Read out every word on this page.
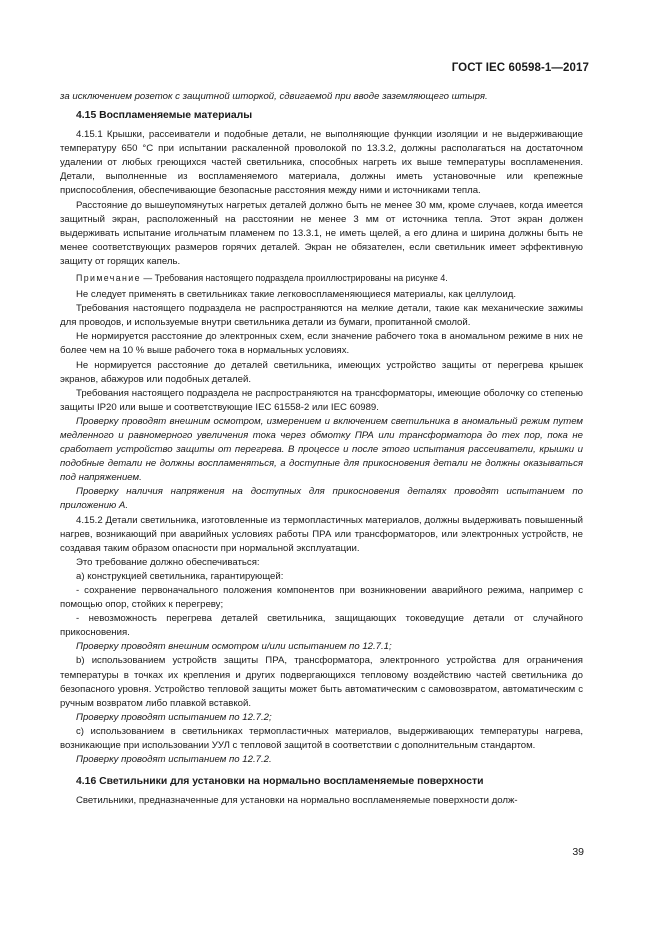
ГОСТ IEC 60598-1—2017

за исключением розеток с защитной шторкой, сдвигаемой при вводе заземляющего штыря.

4.15 Воспламеняемые материалы

4.15.1 Крышки, рассеиватели и подобные детали, не выполняющие функции изоляции и не выдерживающие температуру 650 °С при испытании раскаленной проволокой по 13.3.2, должны располагаться на достаточном удалении от любых греющихся частей светильника, способных нагреть их выше температуры воспламенения. Детали, выполненные из воспламеняемого материала, должны иметь установочные или крепежные приспособления, обеспечивающие безопасные расстояния между ними и источниками тепла.

Расстояние до вышеупомянутых нагретых деталей должно быть не менее 30 мм, кроме случаев, когда имеется защитный экран, расположенный на расстоянии не менее 3 мм от источника тепла. Этот экран должен выдерживать испытание игольчатым пламенем по 13.3.1, не иметь щелей, а его длина и ширина должны быть не менее соответствующих размеров горячих деталей. Экран не обязателен, если светильник имеет эффективную защиту от горящих капель.

Примечание — Требования настоящего подраздела проиллюстрированы на рисунке 4.

Не следует применять в светильниках такие легковоспламеняющиеся материалы, как целлулоид.

Требования настоящего подраздела не распространяются на мелкие детали, такие как механические зажимы для проводов, и используемые внутри светильника детали из бумаги, пропитанной смолой.

Не нормируется расстояние до электронных схем, если значение рабочего тока в аномальном режиме в них не более чем на 10 % выше рабочего тока в нормальных условиях.

Не нормируется расстояние до деталей светильника, имеющих устройство защиты от перегрева крышек экранов, абажуров или подобных деталей.

Требования настоящего подраздела не распространяются на трансформаторы, имеющие оболочку со степенью защиты IP20 или выше и соответствующие IEC 61558-2 или IEC 60989.

Проверку проводят внешним осмотром, измерением и включением светильника в аномальный режим путем медленного и равномерного увеличения тока через обмотку ПРА или трансформатора до тех пор, пока не сработает устройство защиты от перегрева. В процессе и после этого испытания рассеиватели, крышки и подобные детали не должны воспламеняться, а доступные для прикосновения детали не должны оказываться под напряжением.

Проверку наличия напряжения на доступных для прикосновения деталях проводят испытанием по приложению А.

4.15.2 Детали светильника, изготовленные из термопластичных материалов, должны выдерживать повышенный нагрев, возникающий при аварийных условиях работы ПРА или трансформаторов, или электронных устройств, не создавая таким образом опасности при нормальной эксплуатации.

Это требование должно обеспечиваться:

а) конструкцией светильника, гарантирующей:

- сохранение первоначального положения компонентов при возникновении аварийного режима, например с помощью опор, стойких к перегреву;

- невозможность перегрева деталей светильника, защищающих токоведущие детали от случайного прикосновения.

Проверку проводят внешним осмотром и/или испытанием по 12.7.1;

b) использованием устройств защиты ПРА, трансформатора, электронного устройства для ограничения температуры в точках их крепления и других подвергающихся тепловому воздействию частей светильника до безопасного уровня. Устройство тепловой защиты может быть автоматическим с самовозвратом, автоматическим с ручным возвратом либо плавкой вставкой.

Проверку проводят испытанием по 12.7.2;

c) использованием в светильниках термопластичных материалов, выдерживающих температуры нагрева, возникающие при использовании УУЛ с тепловой защитой в соответствии с дополнительным стандартом.

Проверку проводят испытанием по 12.7.2.

4.16 Светильники для установки на нормально воспламеняемые поверхности

Светильники, предназначенные для установки на нормально воспламеняемые поверхности долж-

39
